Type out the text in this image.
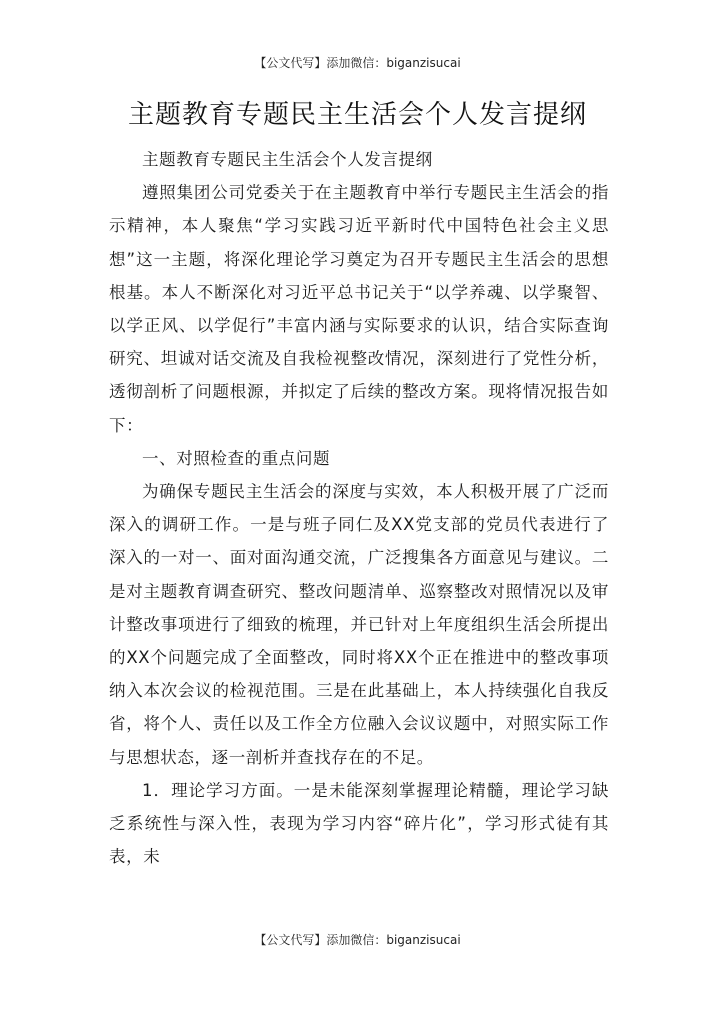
【公文代写】添加微信：biganzisucai
主题教育专题民主生活会个人发言提纲

主题教育专题民主生活会个人发言提纲

遵照集团公司党委关于在主题教育中举行专题民主生活会的指示精神，本人聚焦“学习实践习近平新时代中国特色社会主义思想”这一主题，将深化理论学习奠定为召开专题民主生活会的思想根基。本人不断深化对习近平总书记关于“以学养魂、以学聚智、以学正风、以学促行”丰富内涵与实际要求的认识，结合实际查询研究、坦诚对话交流及自我检视整改情况，深刻进行了党性分析，透彻剖析了问题根源，并拟定了后续的整改方案。现将情况报告如下：

一、对照检查的重点问题

为确保专题民主生活会的深度与实效，本人积极开展了广泛而深入的调研工作。一是与班子同仁及XX党支部的党员代表进行了深入的一对一、面对面沟通交流，广泛搜集各方面意见与建议。二是对主题教育调查研究、整改问题清单、巡察整改对照情况以及审计整改事项进行了细致的梳理，并已针对上年度组织生活会所提出的XX个问题完成了全面整改，同时将XX个正在推进中的整改事项纳入本次会议的检视范围。三是在此基础上，本人持续强化自我反省，将个人、责任以及工作全方位融入会议议题中，对照实际工作与思想状态，逐一剖析并查找存在的不足。

1．理论学习方面。一是未能深刻掌握理论精髓，理论学习缺乏系统性与深入性，表现为学习内容“碎片化”，学习形式徒有其表，未

【公文代写】添加微信：biganzisucai
